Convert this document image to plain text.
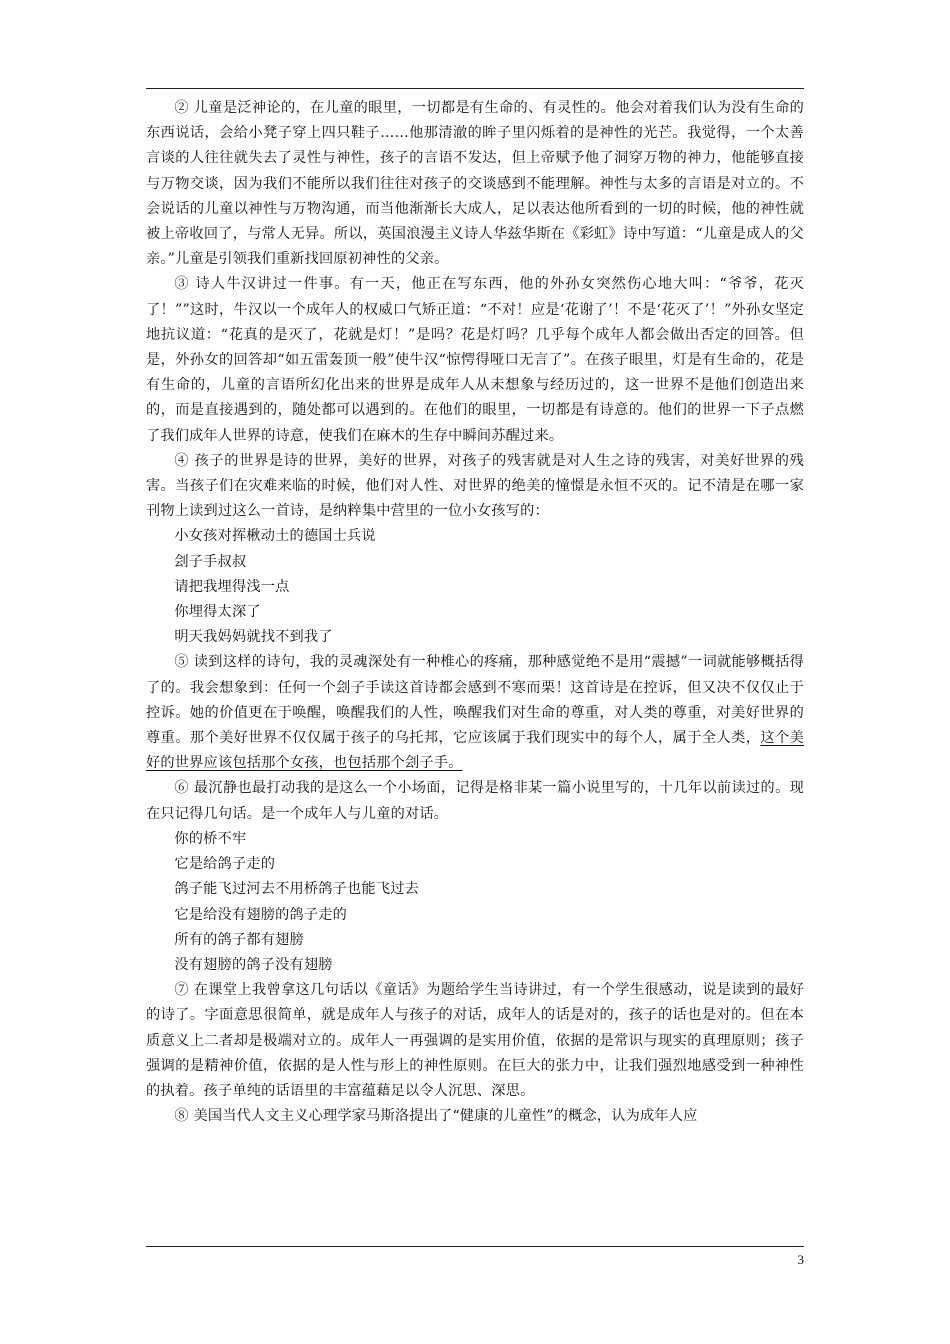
② 儿童是泛神论的，在儿童的眼里，一切都是有生命的、有灵性的。他会对着我们认为没有生命的东西说话，会给小凳子穿上四只鞋子……他那清澈的眸子里闪烁着的是神性的光芒。我觉得，一个太善言谈的人往往就失去了灵性与神性，孩子的言语不发达，但上帝赋予他了洞穿万物的神力，他能够直接与万物交谈，因为我们不能所以我们往往对孩子的交谈感到不能理解。神性与太多的言语是对立的。不会说话的儿童以神性与万物沟通，而当他渐渐长大成人，足以表达他所看到的一切的时候，他的神性就被上帝收回了，与常人无异。所以，英国浪漫主义诗人华兹华斯在《彩虹》诗中写道：“儿童是成人的父亲。”儿童是引领我们重新找回原初神性的父亲。

③ 诗人牛汉讲过一件事。有一天，他正在写东西，他的外孙女突然伤心地大叫：“爷爷，花灭了！””这时，牛汉以一个成年人的权威口气矫正道：“不对！应是‘花谢了’！不是‘花灭了’！”外孙女坚定地抗议道：“花真的是灭了，花就是灯！”是吗？花是灯吗？几乎每个成年人都会做出否定的回答。但是，外孙女的回答却“如五雷轰顶一般”使牛汉“惊愕得哑口无言了”。在孩子眼里，灯是有生命的，花是有生命的，儿童的言语所幻化出来的世界是成年人从未想象与经历过的，这一世界不是他们创造出来的，而是直接遇到的，随处都可以遇到的。在他们的眼里，一切都是有诗意的。他们的世界一下子点燃了我们成年人世界的诗意，使我们在麻木的生存中瞬间苏醒过来。

④ 孩子的世界是诗的世界，美好的世界，对孩子的残害就是对人生之诗的残害，对美好世界的残害。当孩子们在灾难来临的时候，他们对人性、对世界的绝美的憧憬是永恒不灭的。记不清是在哪一家刊物上读到过这么一首诗，是纳粹集中营里的一位小女孩写的：

小女孩对挥楸动土的德国士兵说

刽子手叔叔

请把我埋得浅一点

你埋得太深了

明天我妈妈就找不到我了

⑤ 读到这样的诗句，我的灵魂深处有一种椎心的疼痛，那种感觉绝不是用“震撼”一词就能够概括得了的。我会想象到：任何一个刽子手读这首诗都会感到不寒而栗！这首诗是在控诉，但又决不仅仅止于控诉。她的价值更在于唤醒，唤醒我们的人性，唤醒我们对生命的尊重，对人类的尊重，对美好世界的尊重。那个美好世界不仅仅属于孩子的乌托邦，它应该属于我们现实中的每个人，属于全人类，这个美好的世界应该包括那个女孩，也包括那个刽子手。

⑥ 最沉静也最打动我的是这么一个小场面，记得是格非某一篇小说里写的，十几年以前读过的。现在只记得几句话。是一个成年人与儿童的对话。

你的桥不牢

它是给鸽子走的

鸽子能飞过河去不用桥鸽子也能飞过去

它是给没有翅膀的鸽子走的

所有的鸽子都有翅膀

没有翅膀的鸽子没有翅膀

⑦ 在课堂上我曾拿这几句话以《童话》为题给学生当诗讲过，有一个学生很感动，说是读到的最好的诗了。字面意思很简单，就是成年人与孩子的对话，成年人的话是对的，孩子的话也是对的。但在本质意义上二者却是极端对立的。成年人一再强调的是实用价值，依据的是常识与现实的真理原则；孩子强调的是精神价值，依据的是人性与形上的神性原则。在巨大的张力中，让我们强烈地感受到一种神性的执着。孩子单纯的话语里的丰富蕴藉足以令人沉思、深思。

⑧ 美国当代人文主义心理学家马斯洛提出了“健康的儿童性”的概念，认为成年人应

3
